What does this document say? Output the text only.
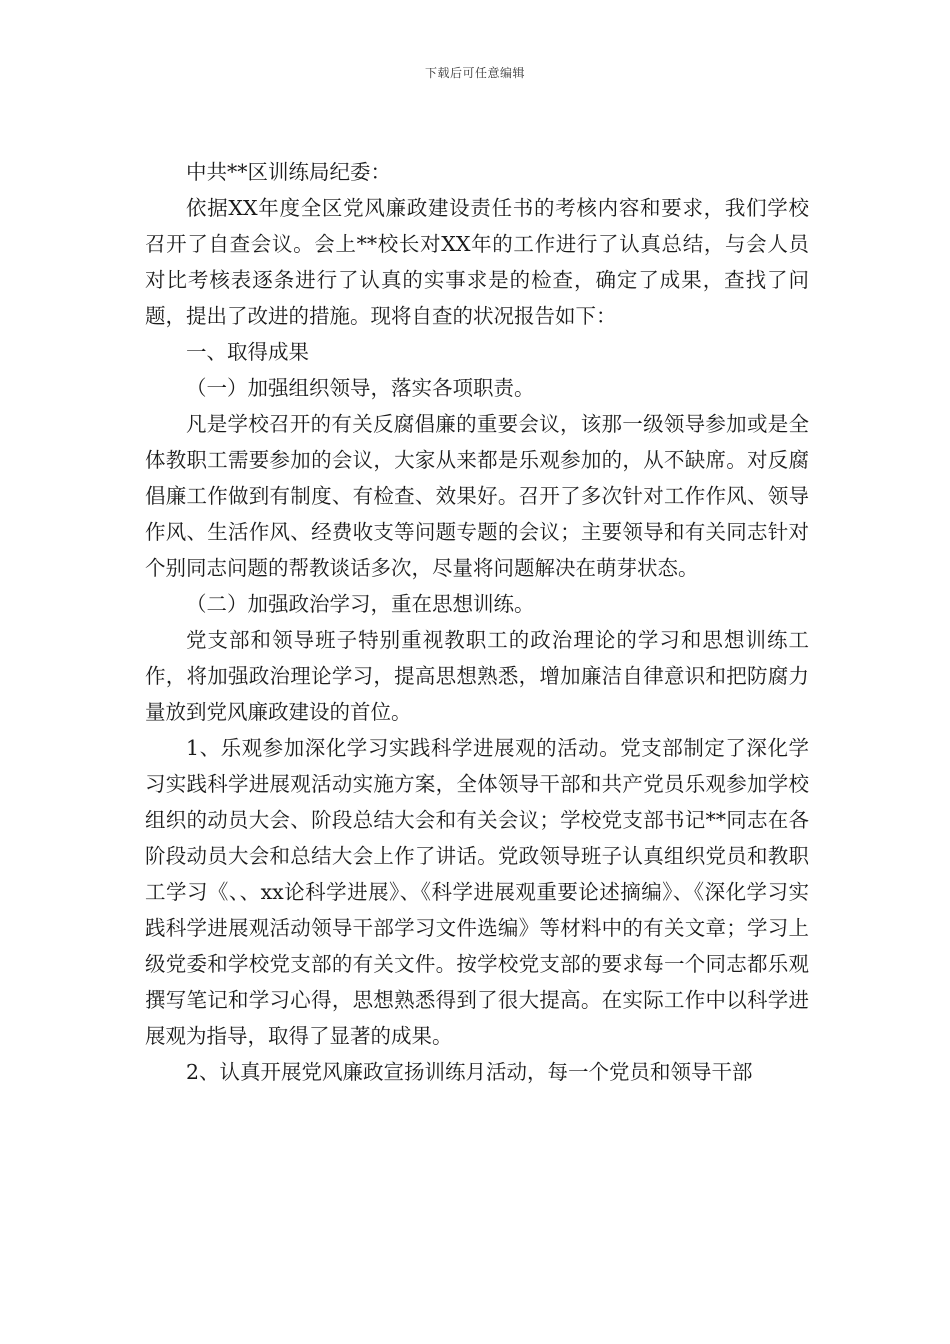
下载后可任意编辑

中共**区训练局纪委：

依据XX年度全区党风廉政建设责任书的考核内容和要求，我们学校召开了自查会议。会上**校长对XX年的工作进行了认真总结，与会人员对比考核表逐条进行了认真的实事求是的检查，确定了成果，查找了问题，提出了改进的措施。现将自查的状况报告如下：

一、取得成果

（一）加强组织领导，落实各项职责。

凡是学校召开的有关反腐倡廉的重要会议，该那一级领导参加或是全体教职工需要参加的会议，大家从来都是乐观参加的，从不缺席。对反腐倡廉工作做到有制度、有检查、效果好。召开了多次针对工作作风、领导作风、生活作风、经费收支等问题专题的会议；主要领导和有关同志针对个别同志问题的帮教谈话多次，尽量将问题解决在萌芽状态。

（二）加强政治学习，重在思想训练。

党支部和领导班子特别重视教职工的政治理论的学习和思想训练工作，将加强政治理论学习，提高思想熟悉，增加廉洁自律意识和把防腐力量放到党风廉政建设的首位。

1、乐观参加深化学习实践科学进展观的活动。党支部制定了深化学习实践科学进展观活动实施方案，全体领导干部和共产党员乐观参加学校组织的动员大会、阶段总结大会和有关会议；学校党支部书记**同志在各阶段动员大会和总结大会上作了讲话。党政领导班子认真组织党员和教职工学习《、、xx论科学进展》、《科学进展观重要论述摘编》、《深化学习实践科学进展观活动领导干部学习文件选编》等材料中的有关文章；学习上级党委和学校党支部的有关文件。按学校党支部的要求每一个同志都乐观撰写笔记和学习心得，思想熟悉得到了很大提高。在实际工作中以科学进展观为指导，取得了显著的成果。

2、认真开展党风廉政宣扬训练月活动，每一个党员和领导干部
